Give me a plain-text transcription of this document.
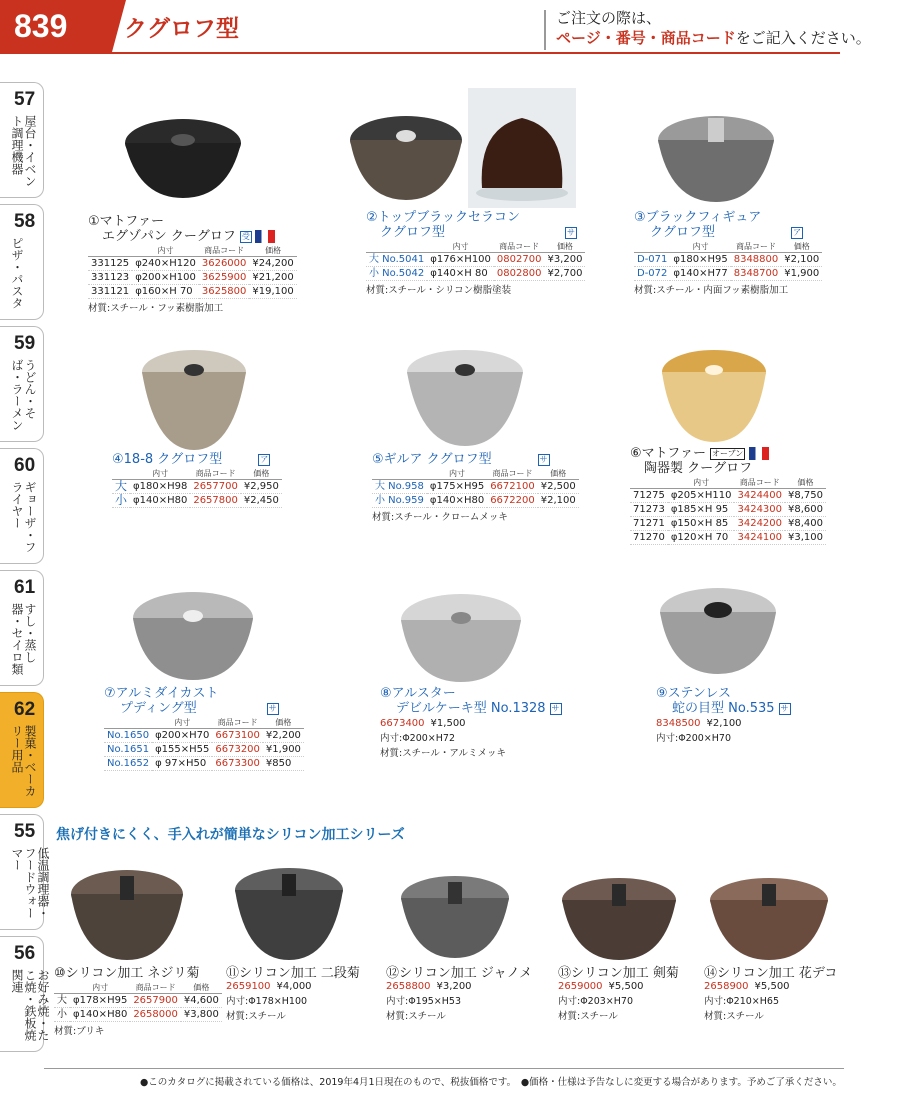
839	クグロフ型	ご注文の際は、
ページ・番号・商品コードをご記入ください。
57
屋台・イベント調理機器
58
ピザ・パスタ
59
うどん・そば・ラーメン
60
ギョーザ・フライヤー
61
すし・蒸し器・セイロ類
62
製菓・ベーカリー用品
55
低温調理器・フードウォーマー
56
お好み焼・たこ焼・鉄板焼関連
①マトファー
エグゾパン クーグロフ 受
	内寸	商品コード	価格
331125	φ240×H120	3626000	¥24,200
331123	φ200×H100	3625900	¥21,200
331121	φ160×H 70	3625800	¥19,100
材質:スチール・フッ素樹脂加工
②トップブラックセラコン
クグロフ型	サ
	内寸	商品コード	価格
大 No.5041	φ176×H100	0802700	¥3,200
小 No.5042	φ140×H 80	0802800	¥2,700
材質:スチール・シリコン樹脂塗装
③ブラックフィギュア
クグロフ型	ア
	内寸	商品コード	価格
D-071	φ180×H95	8348800	¥2,100
D-072	φ140×H77	8348700	¥1,900
材質:スチール・内面フッ素樹脂加工
④18-8 クグロフ型	ア
	内寸	商品コード	価格
大	φ180×H98	2657700	¥2,950
小	φ140×H80	2657800	¥2,450
⑤ギルア クグロフ型	サ
	内寸	商品コード	価格
大 No.958	φ175×H95	6672100	¥2,500
小 No.959	φ140×H80	6672200	¥2,100
材質:スチール・クロームメッキ
⑥マトファー オーブン
陶器製 クーグロフ
	内寸	商品コード	価格
71275	φ205×H110	3424400	¥8,750
71273	φ185×H 95	3424300	¥8,600
71271	φ150×H 85	3424200	¥8,400
71270	φ120×H 70	3424100	¥3,100
⑦アルミダイカスト
プディング型	サ
	内寸	商品コード	価格
No.1650	φ200×H70	6673100	¥2,200
No.1651	φ155×H55	6673200	¥1,900
No.1652	φ 97×H50	6673300	¥850
⑧アルスター
デビルケーキ型 No.1328 サ
6673400 ¥1,500
内寸:Φ200×H72
材質:スチール・アルミメッキ
⑨ステンレス
蛇の目型 No.535 サ
8348500 ¥2,100
内寸:Φ200×H70
焦げ付きにくく、手入れが簡単なシリコン加工シリーズ
⑩シリコン加工 ネジリ菊
	内寸	商品コード	価格
大	φ178×H95	2657900	¥4,600
小	φ140×H80	2658000	¥3,800
材質:ブリキ
⑪シリコン加工 二段菊
2659100 ¥4,000
内寸:Φ178×H100
材質:スチール
⑫シリコン加工 ジャノメ
2658800 ¥3,200
内寸:Φ195×H53
材質:スチール
⑬シリコン加工 剣菊
2659000 ¥5,500
内寸:Φ203×H70
材質:スチール
⑭シリコン加工 花デコ
2658900 ¥5,500
内寸:Φ210×H65
材質:スチール
●このカタログに掲載されている価格は、2019年4月1日現在のもので、税抜価格です。　●価格・仕様は予告なしに変更する場合があります。予めご了承ください。
